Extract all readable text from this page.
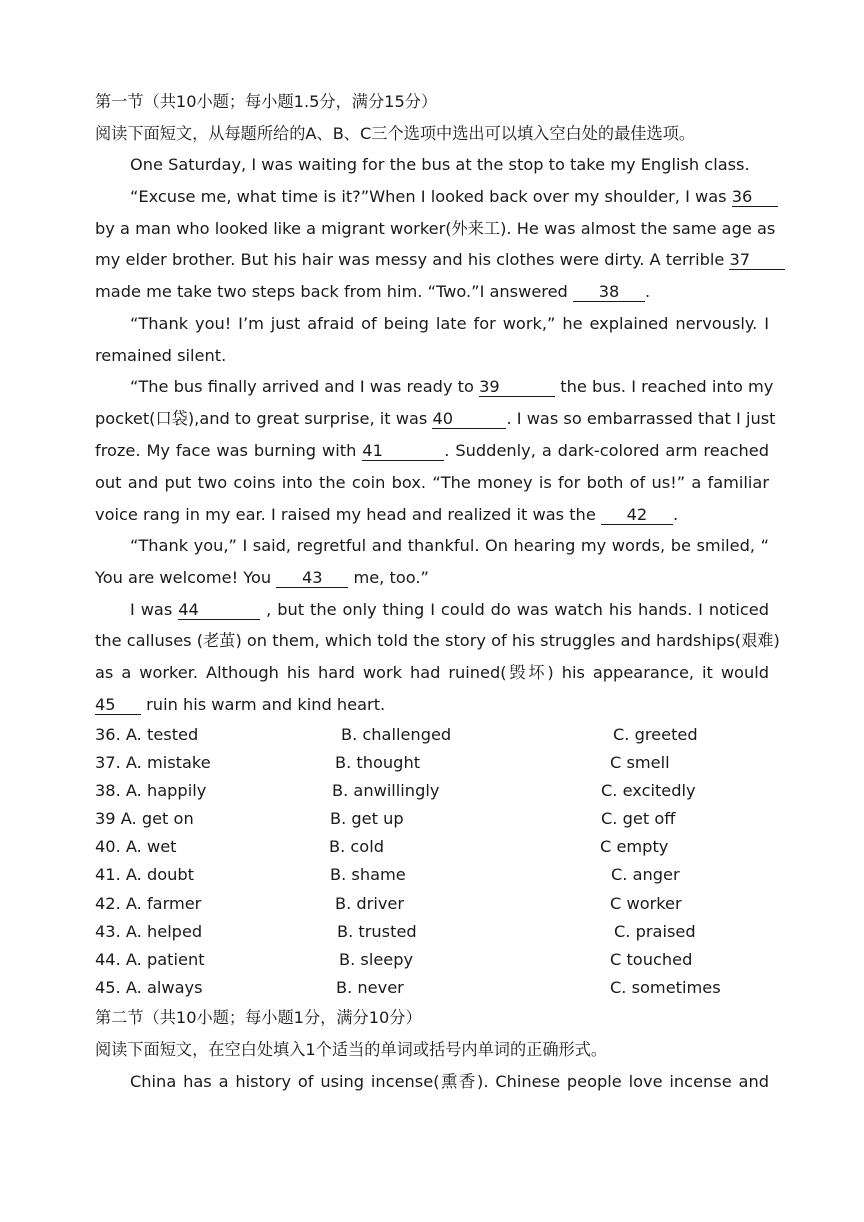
第一节（共10小题；每小题1.5分，满分15分）
阅读下面短文，从每题所给的A、B、C三个选项中选出可以填入空白处的最佳选项。
One Saturday, I was waiting for the bus at the stop to take my English class.
“Excuse me, what time is it?”When I looked back over my shoulder, I was 36
by a man who looked like a migrant worker(外来工). He was almost the same age as
my elder brother. But his hair was messy and his clothes were dirty. A terrible 37
made me take two steps back from him. “Two.”I answered 38 .
“Thank you! I’m just afraid of being late for work,” he explained nervously. I
remained silent.
“The bus finally arrived and I was ready to 39	the bus. I reached into my
pocket(口袋),and to great surprise, it was 40	. I was so embarrassed that I just
froze. My face was burning with 41	. Suddenly, a dark-colored arm reached
out and put two coins into the coin box. “The money is for both of us!” a familiar
voice rang in my ear. I raised my head and realized it was the 42 .
“Thank you,” I said, regretful and thankful. On hearing my words, be smiled, “
You are welcome! You 43 me, too.”
I was 44	, but the only thing I could do was watch his hands. I noticed
the calluses (老茧) on them, which told the story of his struggles and hardships(艰难)
as a worker. Although his hard work had ruined(毁坏) his appearance, it would
45 ruin his warm and kind heart.
36. A. tested	B. challenged	C. greeted
37. A. mistake	B. thought	C smell
38. A. happily	B. anwillingly	C. excitedly
39 A. get on	B. get up	C. get off
40. A. wet	B. cold	C empty
41. A. doubt	B. shame	C. anger
42. A. farmer	B. driver	C worker
43. A. helped	B. trusted	C. praised
44. A. patient	B. sleepy	C touched
45. A. always	B. never	C. sometimes
第二节（共10小题；每小题1分，满分10分）
阅读下面短文，在空白处填入1个适当的单词或括号内单词的正确形式。
China has a history of using incense(熏香). Chinese people love incense and
